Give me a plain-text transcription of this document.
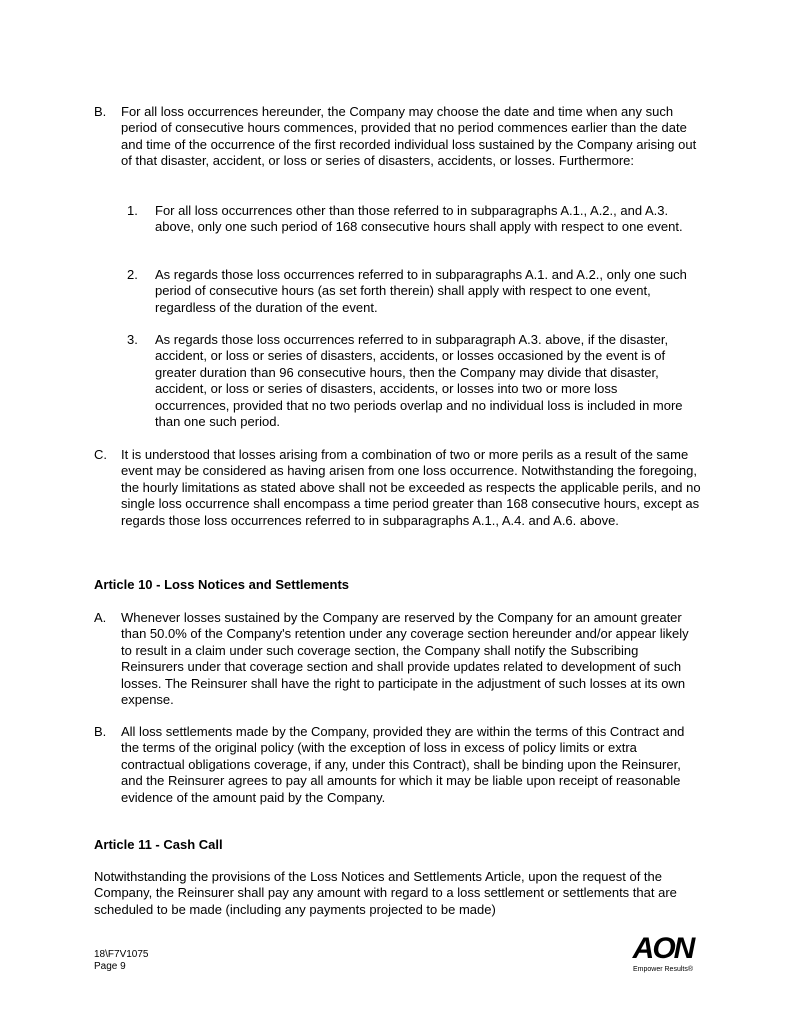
B. For all loss occurrences hereunder, the Company may choose the date and time when any such period of consecutive hours commences, provided that no period commences earlier than the date and time of the occurrence of the first recorded individual loss sustained by the Company arising out of that disaster, accident, or loss or series of disasters, accidents, or losses. Furthermore:

1. For all loss occurrences other than those referred to in subparagraphs A.1., A.2., and A.3. above, only one such period of 168 consecutive hours shall apply with respect to one event.

2. As regards those loss occurrences referred to in subparagraphs A.1. and A.2., only one such period of consecutive hours (as set forth therein) shall apply with respect to one event, regardless of the duration of the event.

3. As regards those loss occurrences referred to in subparagraph A.3. above, if the disaster, accident, or loss or series of disasters, accidents, or losses occasioned by the event is of greater duration than 96 consecutive hours, then the Company may divide that disaster, accident, or loss or series of disasters, accidents, or losses into two or more loss occurrences, provided that no two periods overlap and no individual loss is included in more than one such period.

C. It is understood that losses arising from a combination of two or more perils as a result of the same event may be considered as having arisen from one loss occurrence. Notwithstanding the foregoing, the hourly limitations as stated above shall not be exceeded as respects the applicable perils, and no single loss occurrence shall encompass a time period greater than 168 consecutive hours, except as regards those loss occurrences referred to in subparagraphs A.1., A.4. and A.6. above.

Article 10 - Loss Notices and Settlements

A. Whenever losses sustained by the Company are reserved by the Company for an amount greater than 50.0% of the Company's retention under any coverage section hereunder and/or appear likely to result in a claim under such coverage section, the Company shall notify the Subscribing Reinsurers under that coverage section and shall provide updates related to development of such losses. The Reinsurer shall have the right to participate in the adjustment of such losses at its own expense.

B. All loss settlements made by the Company, provided they are within the terms of this Contract and the terms of the original policy (with the exception of loss in excess of policy limits or extra contractual obligations coverage, if any, under this Contract), shall be binding upon the Reinsurer, and the Reinsurer agrees to pay all amounts for which it may be liable upon receipt of reasonable evidence of the amount paid by the Company.

Article 11 - Cash Call

Notwithstanding the provisions of the Loss Notices and Settlements Article, upon the request of the Company, the Reinsurer shall pay any amount with regard to a loss settlement or settlements that are scheduled to be made (including any payments projected to be made)

18\F7V1075
Page 9
AON
Empower Results®
